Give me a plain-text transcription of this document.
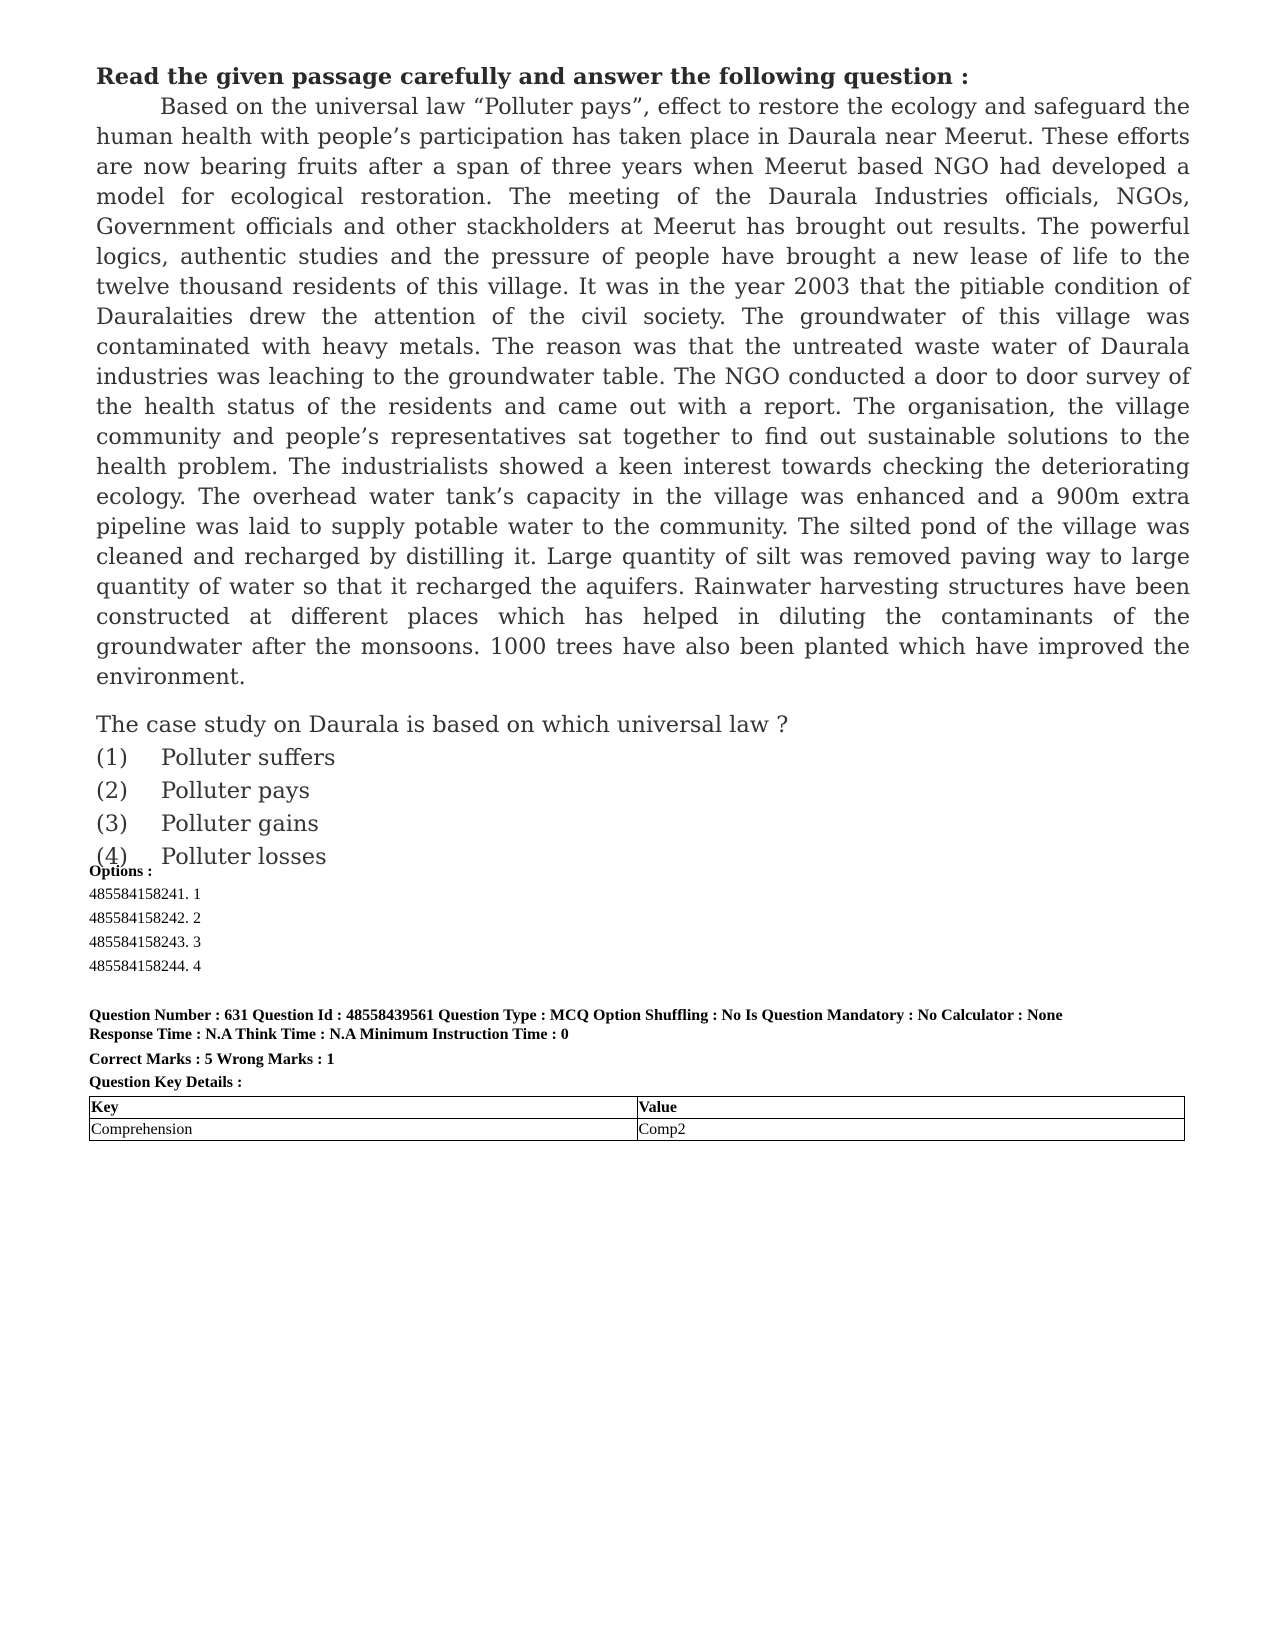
Read the given passage carefully and answer the following question :

Based on the universal law “Polluter pays”, effect to restore the ecology and safeguard the human health with people’s participation has taken place in Daurala near Meerut. These efforts are now bearing fruits after a span of three years when Meerut based NGO had developed a model for ecological restoration. The meeting of the Daurala Industries officials, NGOs, Government officials and other stackholders at Meerut has brought out results. The powerful logics, authentic studies and the pressure of people have brought a new lease of life to the twelve thousand residents of this village. It was in the year 2003 that the pitiable condition of Dauralaities drew the attention of the civil society. The groundwater of this village was contaminated with heavy metals. The reason was that the untreated waste water of Daurala industries was leaching to the groundwater table. The NGO conducted a door to door survey of the health status of the residents and came out with a report. The organisation, the village community and people’s representatives sat together to find out sustainable solutions to the health problem. The industrialists showed a keen interest towards checking the deteriorating ecology. The overhead water tank’s capacity in the village was enhanced and a 900m extra pipeline was laid to supply potable water to the community. The silted pond of the village was cleaned and recharged by distilling it. Large quantity of silt was removed paving way to large quantity of water so that it recharged the aquifers. Rainwater harvesting structures have been constructed at different places which has helped in diluting the contaminants of the groundwater after the monsoons. 1000 trees have also been planted which have improved the environment.

The case study on Daurala is based on which universal law ?

(1)	Polluter suffers
(2)	Polluter pays
(3)	Polluter gains
(4)	Polluter losses
Options :
485584158241. 1
485584158242. 2
485584158243. 3
485584158244. 4
Question Number : 631 Question Id : 48558439561 Question Type : MCQ Option Shuffling : No Is Question Mandatory : No Calculator : None
Response Time : N.A Think Time : N.A Minimum Instruction Time : 0
Correct Marks : 5 Wrong Marks : 1
Question Key Details :
Key	Value
Comprehension	Comp2
